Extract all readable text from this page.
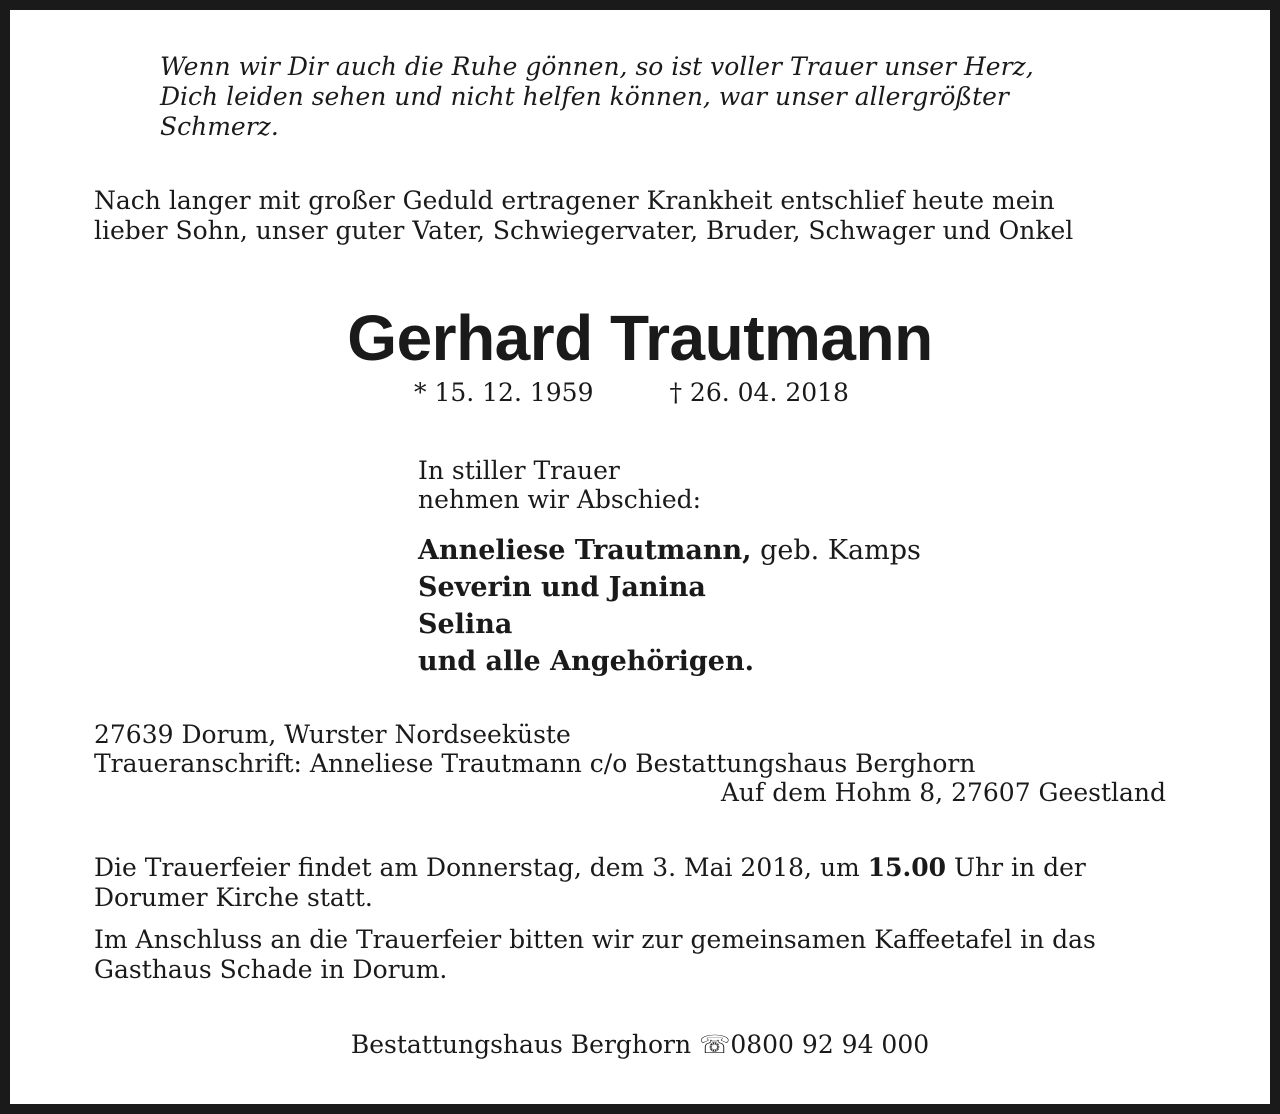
Wenn wir Dir auch die Ruhe gönnen, so ist voller Trauer unser Herz,
Dich leiden sehen und nicht helfen können, war unser allergrößter
Schmerz.
Nach langer mit großer Geduld ertragener Krankheit entschlief heute mein
lieber Sohn, unser guter Vater, Schwiegervater, Bruder, Schwager und Onkel
Gerhard Trautmann
* 15. 12. 1959	† 26. 04. 2018
In stiller Trauer
nehmen wir Abschied:
Anneliese Trautmann, geb. Kamps
Severin und Janina
Selina
und alle Angehörigen.
27639 Dorum, Wurster Nordseeküste
Traueranschrift: Anneliese Trautmann c/o Bestattungshaus Berghorn
Auf dem Hohm 8, 27607 Geestland
Die Trauerfeier findet am Donnerstag, dem 3. Mai 2018, um 15.00 Uhr in der
Dorumer Kirche statt.
Im Anschluss an die Trauerfeier bitten wir zur gemeinsamen Kaffeetafel in das
Gasthaus Schade in Dorum.
Bestattungshaus Berghorn ☏0800 92 94 000
